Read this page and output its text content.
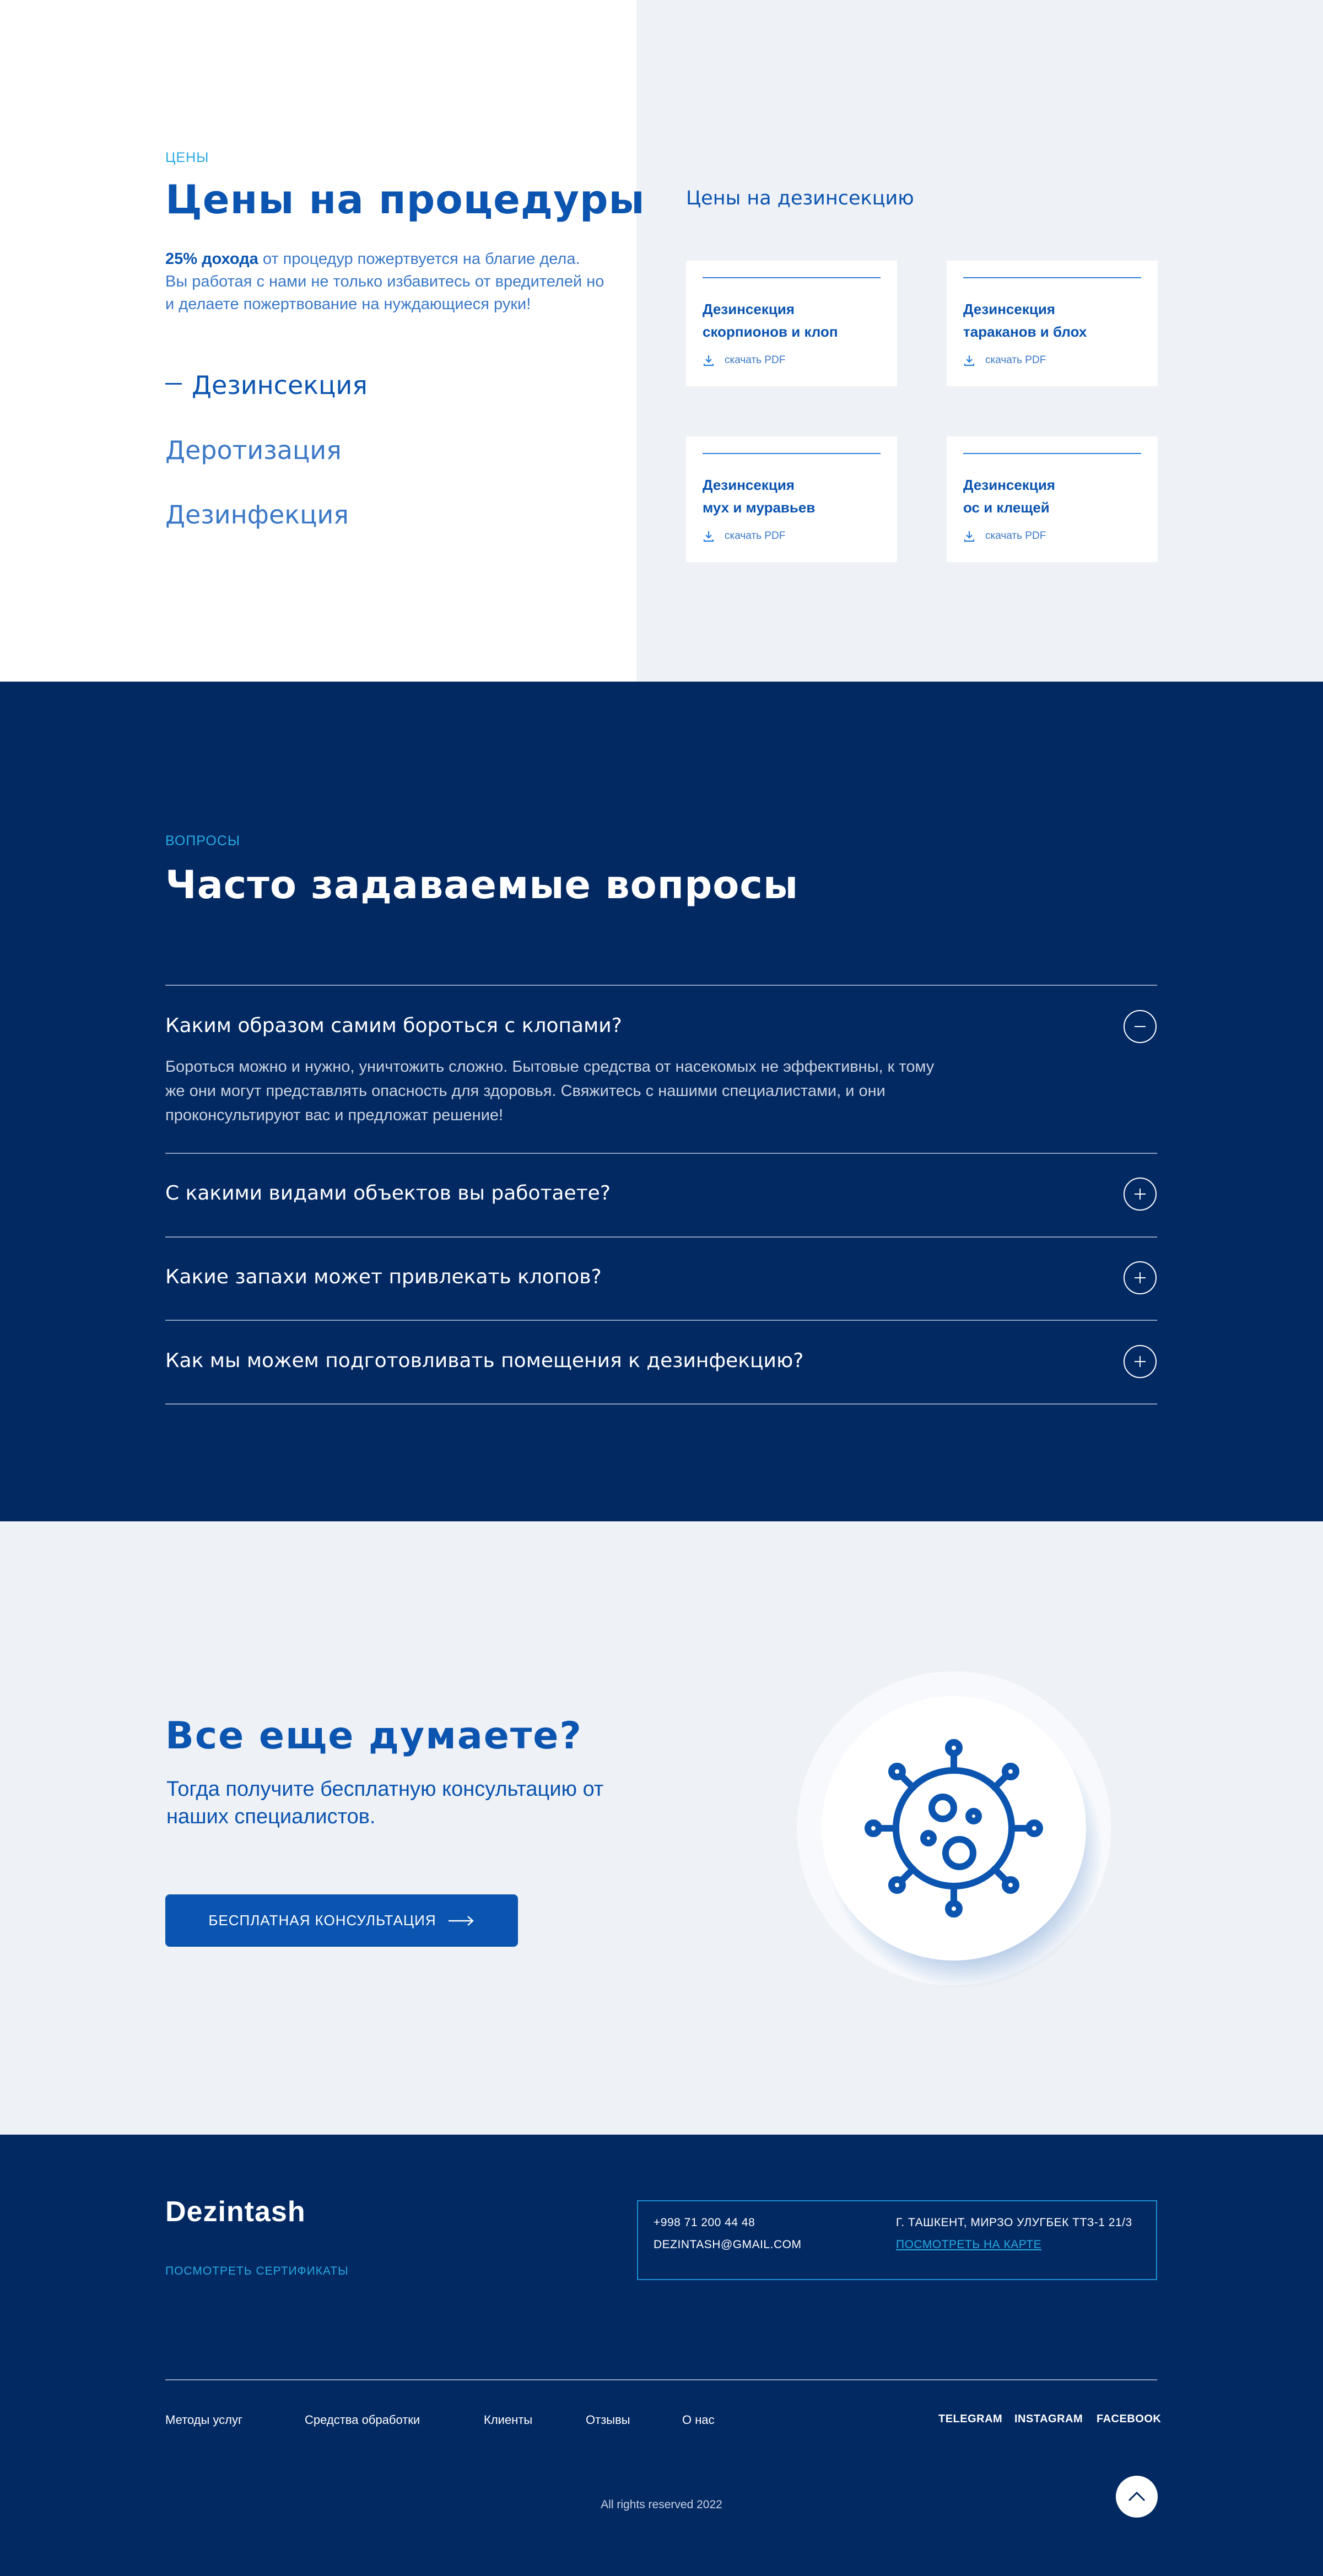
ЦЕНЫ
Цены на процедуры

25% дохода от процедур пожертвуется на благие дела. Вы работая с нами не только избавитесь от вредителей но и делаете пожертвование на нуждающиеся руки!

Дезинсекция
Деротизация
Дезинфекция
Цены на дезинсекцию
Дезинсекция
скорпионов и клоп
скачать PDF
Дезинсекция
тараканов и блох
скачать PDF
Дезинсекция
мух и муравьев
скачать PDF
Дезинсекция
ос и клещей
скачать PDF
ВОПРОСЫ
Часто задаваемые вопросы
Каким образом самим бороться с клопами?

Бороться можно и нужно, уничтожить сложно. Бытовые средства от насекомых не эффективны, к тому же они могут представлять опасность для здоровья. Свяжитесь с нашими специалистами, и они проконсультируют вас и предложат решение!

С какими видами объектов вы работаете?
Какие запахи может привлекать клопов?
Как мы можем подготовливать помещения к дезинфекцию?
Все еще думаете?

Тогда получите бесплатную консультацию от наших специалистов.

БЕСПЛАТНАЯ КОНСУЛЬТАЦИЯ
Dezintash
ПОСМОТРЕТЬ СЕРТИФИКАТЫ
+998 71 200 44 48
DEZINTASH@GMAIL.COM
Г. ТАШКЕНТ, МИРЗО УЛУГБЕК ТТЗ-1 21/3
ПОСМОТРЕТЬ НА КАРТЕ
Методы услуг	Средства обработки	Клиенты	Отзывы	О нас	TELEGRAM INSTAGRAM FACEBOOK
All rights reserved 2022
